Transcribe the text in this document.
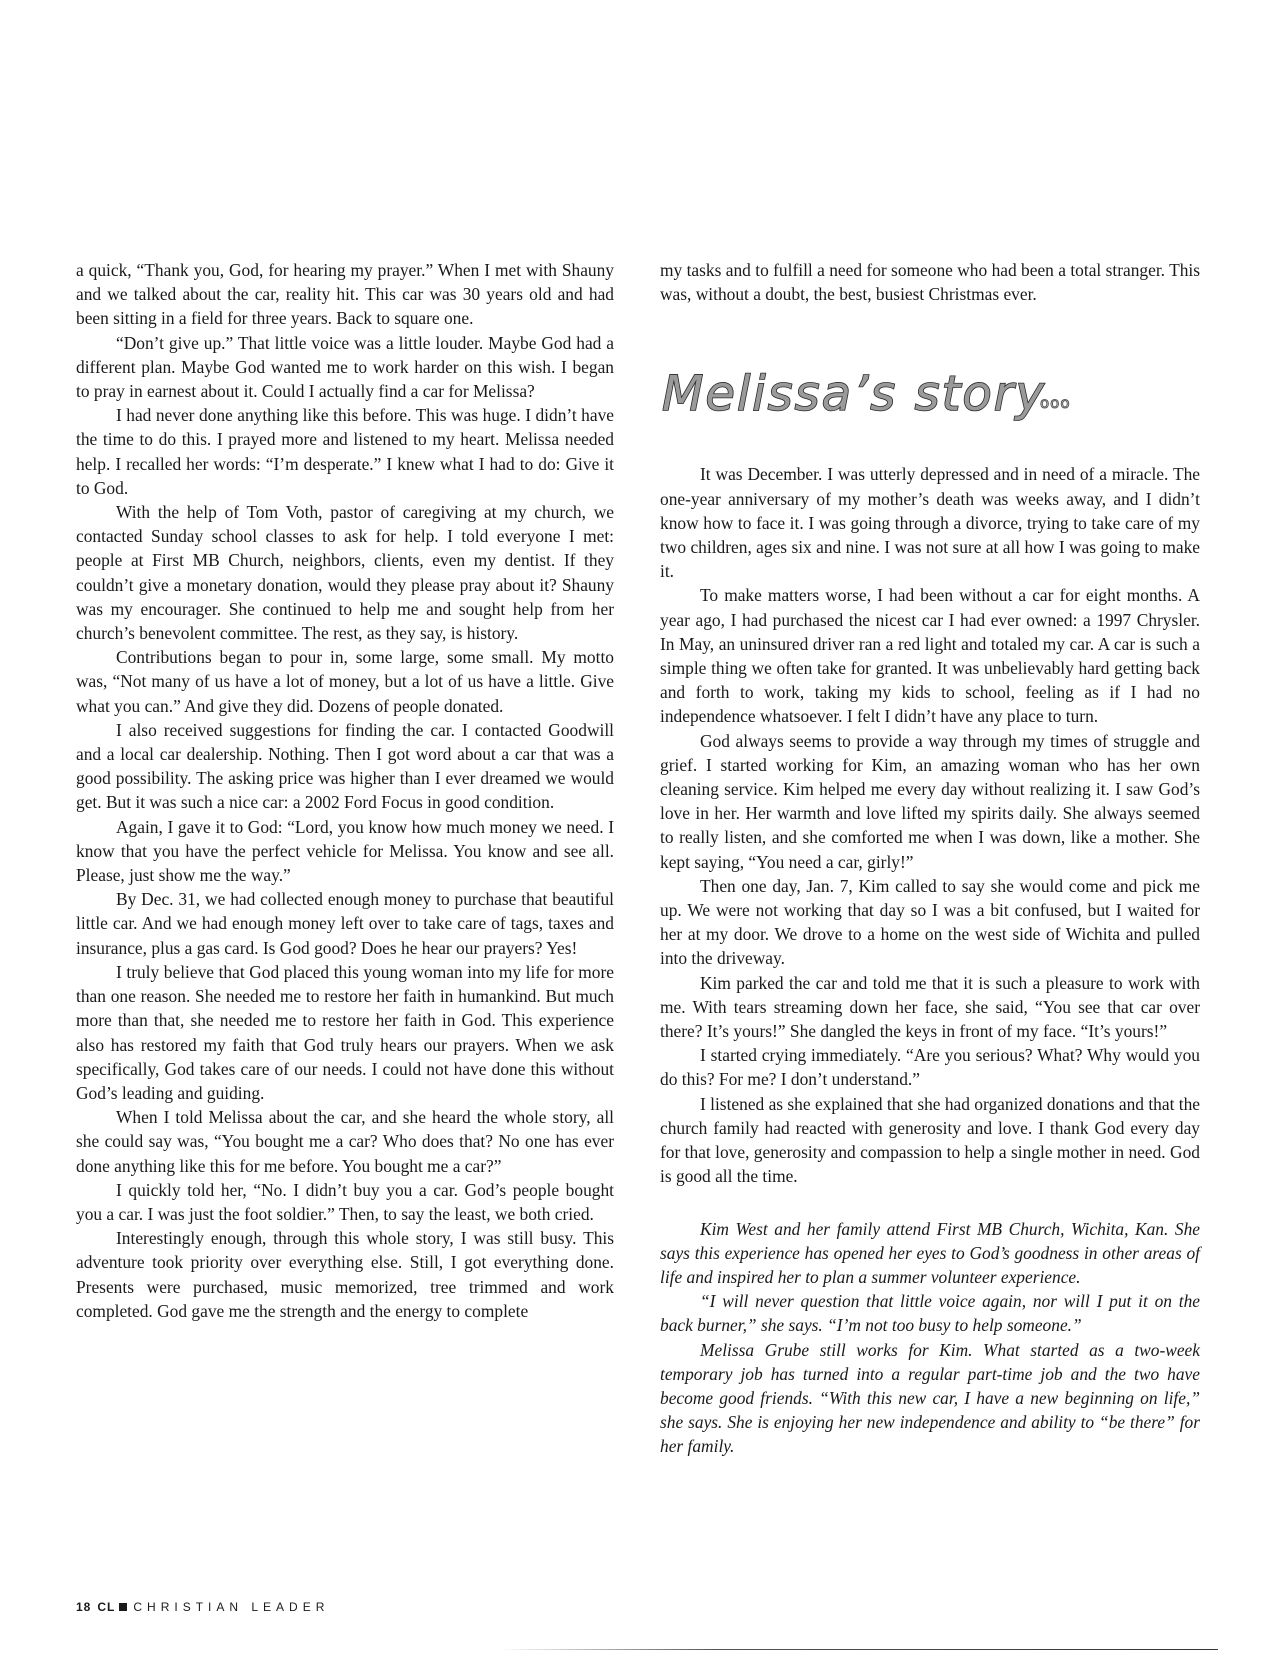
a quick, “Thank you, God, for hearing my prayer.” When I met with Shauny and we talked about the car, reality hit. This car was 30 years old and had been sitting in a field for three years. Back to square one.

“Don’t give up.” That little voice was a little louder. Maybe God had a different plan. Maybe God wanted me to work harder on this wish. I began to pray in earnest about it. Could I actually find a car for Melissa?

I had never done anything like this before. This was huge. I didn’t have the time to do this. I prayed more and listened to my heart. Melissa needed help. I recalled her words: “I’m desperate.” I knew what I had to do: Give it to God.

With the help of Tom Voth, pastor of caregiving at my church, we contacted Sunday school classes to ask for help. I told everyone I met: people at First MB Church, neighbors, clients, even my dentist. If they couldn’t give a monetary donation, would they please pray about it? Shauny was my encourager. She continued to help me and sought help from her church’s benevolent committee. The rest, as they say, is history.

Contributions began to pour in, some large, some small. My motto was, “Not many of us have a lot of money, but a lot of us have a little. Give what you can.” And give they did. Dozens of people donated.

I also received suggestions for finding the car. I contacted Goodwill and a local car dealership. Nothing. Then I got word about a car that was a good possibility. The asking price was higher than I ever dreamed we would get. But it was such a nice car: a 2002 Ford Focus in good condition.

Again, I gave it to God: “Lord, you know how much money we need. I know that you have the perfect vehicle for Melissa. You know and see all. Please, just show me the way.”

By Dec. 31, we had collected enough money to purchase that beautiful little car. And we had enough money left over to take care of tags, taxes and insurance, plus a gas card. Is God good? Does he hear our prayers? Yes!

I truly believe that God placed this young woman into my life for more than one reason. She needed me to restore her faith in humankind. But much more than that, she needed me to restore her faith in God. This experience also has restored my faith that God truly hears our prayers. When we ask specifically, God takes care of our needs. I could not have done this without God’s leading and guiding.

When I told Melissa about the car, and she heard the whole story, all she could say was, “You bought me a car? Who does that? No one has ever done anything like this for me before. You bought me a car?”

I quickly told her, “No. I didn’t buy you a car. God’s people bought you a car. I was just the foot soldier.” Then, to say the least, we both cried.

Interestingly enough, through this whole story, I was still busy. This adventure took priority over everything else. Still, I got everything done. Presents were purchased, music memorized, tree trimmed and work completed. God gave me the strength and the energy to complete

my tasks and to fulfill a need for someone who had been a total stranger. This was, without a doubt, the best, busiest Christmas ever.

Melissa’s story
ooo

It was December. I was utterly depressed and in need of a miracle. The one-year anniversary of my mother’s death was weeks away, and I didn’t know how to face it. I was going through a divorce, trying to take care of my two children, ages six and nine. I was not sure at all how I was going to make it.

To make matters worse, I had been without a car for eight months. A year ago, I had purchased the nicest car I had ever owned: a 1997 Chrysler. In May, an uninsured driver ran a red light and totaled my car. A car is such a simple thing we often take for granted. It was unbelievably hard getting back and forth to work, taking my kids to school, feeling as if I had no independence whatsoever. I felt I didn’t have any place to turn.

God always seems to provide a way through my times of struggle and grief. I started working for Kim, an amazing woman who has her own cleaning service. Kim helped me every day without realizing it. I saw God’s love in her. Her warmth and love lifted my spirits daily. She always seemed to really listen, and she comforted me when I was down, like a mother. She kept saying, “You need a car, girly!”

Then one day, Jan. 7, Kim called to say she would come and pick me up. We were not working that day so I was a bit confused, but I waited for her at my door. We drove to a home on the west side of Wichita and pulled into the driveway.

Kim parked the car and told me that it is such a pleasure to work with me. With tears streaming down her face, she said, “You see that car over there? It’s yours!” She dangled the keys in front of my face. “It’s yours!”

I started crying immediately. “Are you serious? What? Why would you do this? For me? I don’t understand.”

I listened as she explained that she had organized donations and that the church family had reacted with generosity and love. I thank God every day for that love, generosity and compassion to help a single mother in need. God is good all the time.

Kim West and her family attend First MB Church, Wichita, Kan. She says this experience has opened her eyes to God’s goodness in other areas of life and inspired her to plan a summer volunteer experience.

“I will never question that little voice again, nor will I put it on the back burner,” she says. “I’m not too busy to help someone.”

Melissa Grube still works for Kim. What started as a two-week temporary job has turned into a regular part-time job and the two have become good friends. “With this new car, I have a new beginning on life,” she says. She is enjoying her new independence and ability to “be there” for her family.

18 CL CHRISTIAN LEADER
